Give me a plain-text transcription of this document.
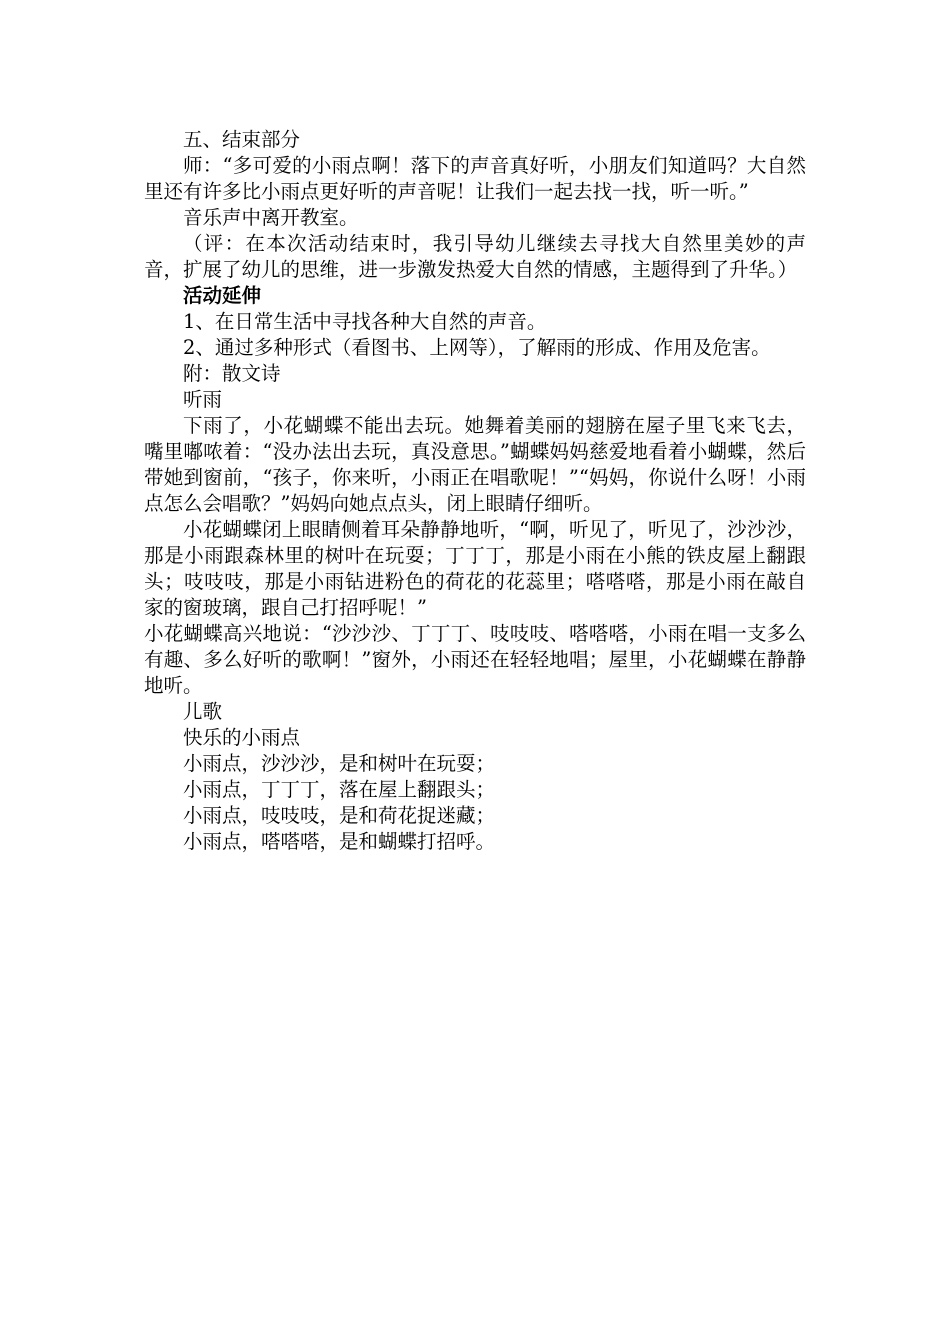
五、结束部分

师：“多可爱的小雨点啊！落下的声音真好听，小朋友们知道吗？大自然里还有许多比小雨点更好听的声音呢！让我们一起去找一找，听一听。”

音乐声中离开教室。

（评：在本次活动结束时，我引导幼儿继续去寻找大自然里美妙的声音，扩展了幼儿的思维，进一步激发热爱大自然的情感，主题得到了升华。）

活动延伸

1、在日常生活中寻找各种大自然的声音。

2、通过多种形式（看图书、上网等），了解雨的形成、作用及危害。

附：散文诗

听雨

下雨了，小花蝴蝶不能出去玩。她舞着美丽的翅膀在屋子里飞来飞去，嘴里嘟哝着：“没办法出去玩，真没意思。”蝴蝶妈妈慈爱地看着小蝴蝶，然后带她到窗前，“孩子，你来听，小雨正在唱歌呢！”“妈妈，你说什么呀！小雨点怎么会唱歌？”妈妈向她点点头，闭上眼睛仔细听。

小花蝴蝶闭上眼睛侧着耳朵静静地听，“啊，听见了，听见了，沙沙沙，那是小雨跟森林里的树叶在玩耍；丁丁丁，那是小雨在小熊的铁皮屋上翻跟头；吱吱吱，那是小雨钻进粉色的荷花的花蕊里；嗒嗒嗒，那是小雨在敲自家的窗玻璃，跟自己打招呼呢！”

小花蝴蝶高兴地说：“沙沙沙、丁丁丁、吱吱吱、嗒嗒嗒，小雨在唱一支多么有趣、多么好听的歌啊！”窗外，小雨还在轻轻地唱；屋里，小花蝴蝶在静静地听。

儿歌

快乐的小雨点

小雨点，沙沙沙，是和树叶在玩耍；

小雨点，丁丁丁，落在屋上翻跟头；

小雨点，吱吱吱，是和荷花捉迷藏；

小雨点，嗒嗒嗒，是和蝴蝶打招呼。
